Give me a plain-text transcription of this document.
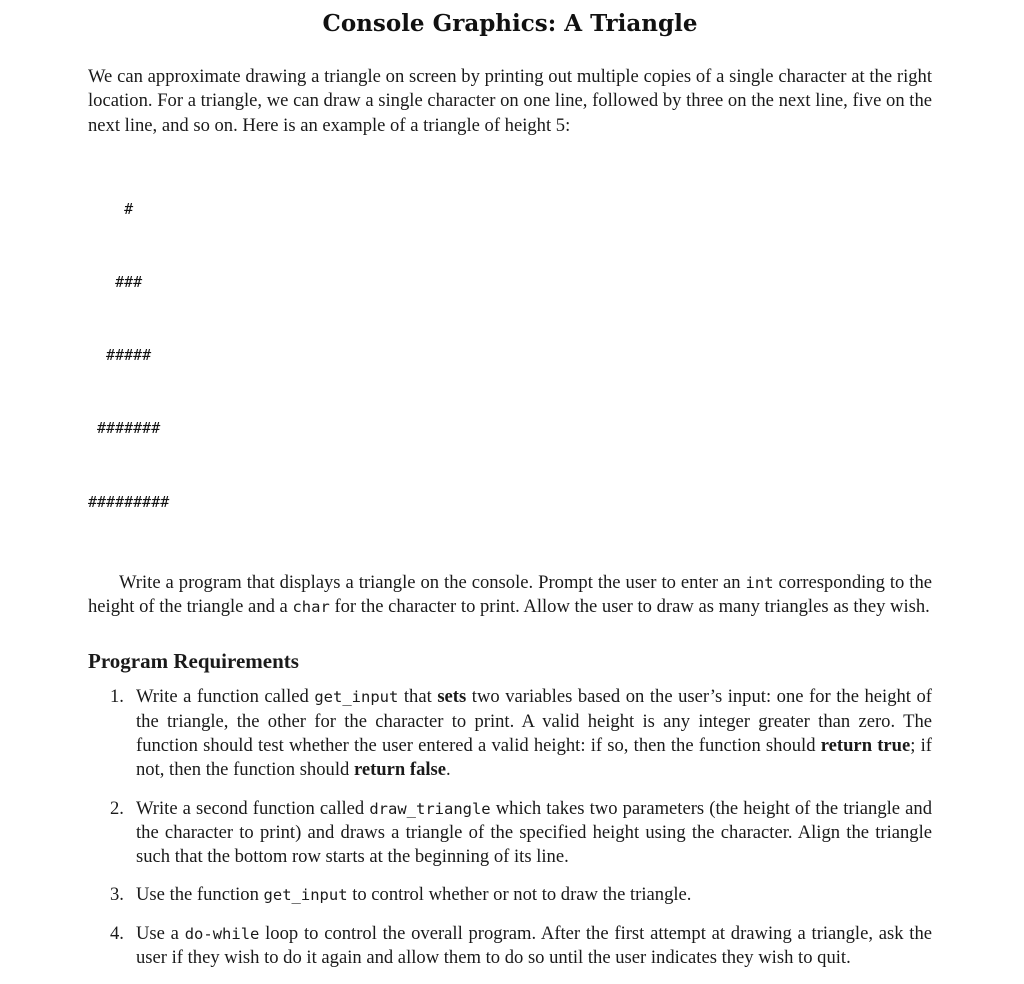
Console Graphics: A Triangle

We can approximate drawing a triangle on screen by printing out multiple copies of a single character at the right location. For a triangle, we can draw a single character on one line, followed by three on the next line, five on the next line, and so on. Here is an example of a triangle of height 5:

#

###

#####

#######

#########

Write a program that displays a triangle on the console. Prompt the user to enter an int corresponding to the height of the triangle and a char for the character to print. Allow the user to draw as many triangles as they wish.

Program Requirements
1. Write a function called get_input that sets two variables based on the user’s input: one for the height of the triangle, the other for the character to print. A valid height is any integer greater than zero. The function should test whether the user entered a valid height: if so, then the function should return true; if not, then the function should return false.
2. Write a second function called draw_triangle which takes two parameters (the height of the triangle and the character to print) and draws a triangle of the specified height using the character. Align the triangle such that the bottom row starts at the beginning of its line.
3. Use the function get_input to control whether or not to draw the triangle.
4. Use a do-while loop to control the overall program. After the first attempt at drawing a triangle, ask the user if they wish to do it again and allow them to do so until the user indicates they wish to quit.
